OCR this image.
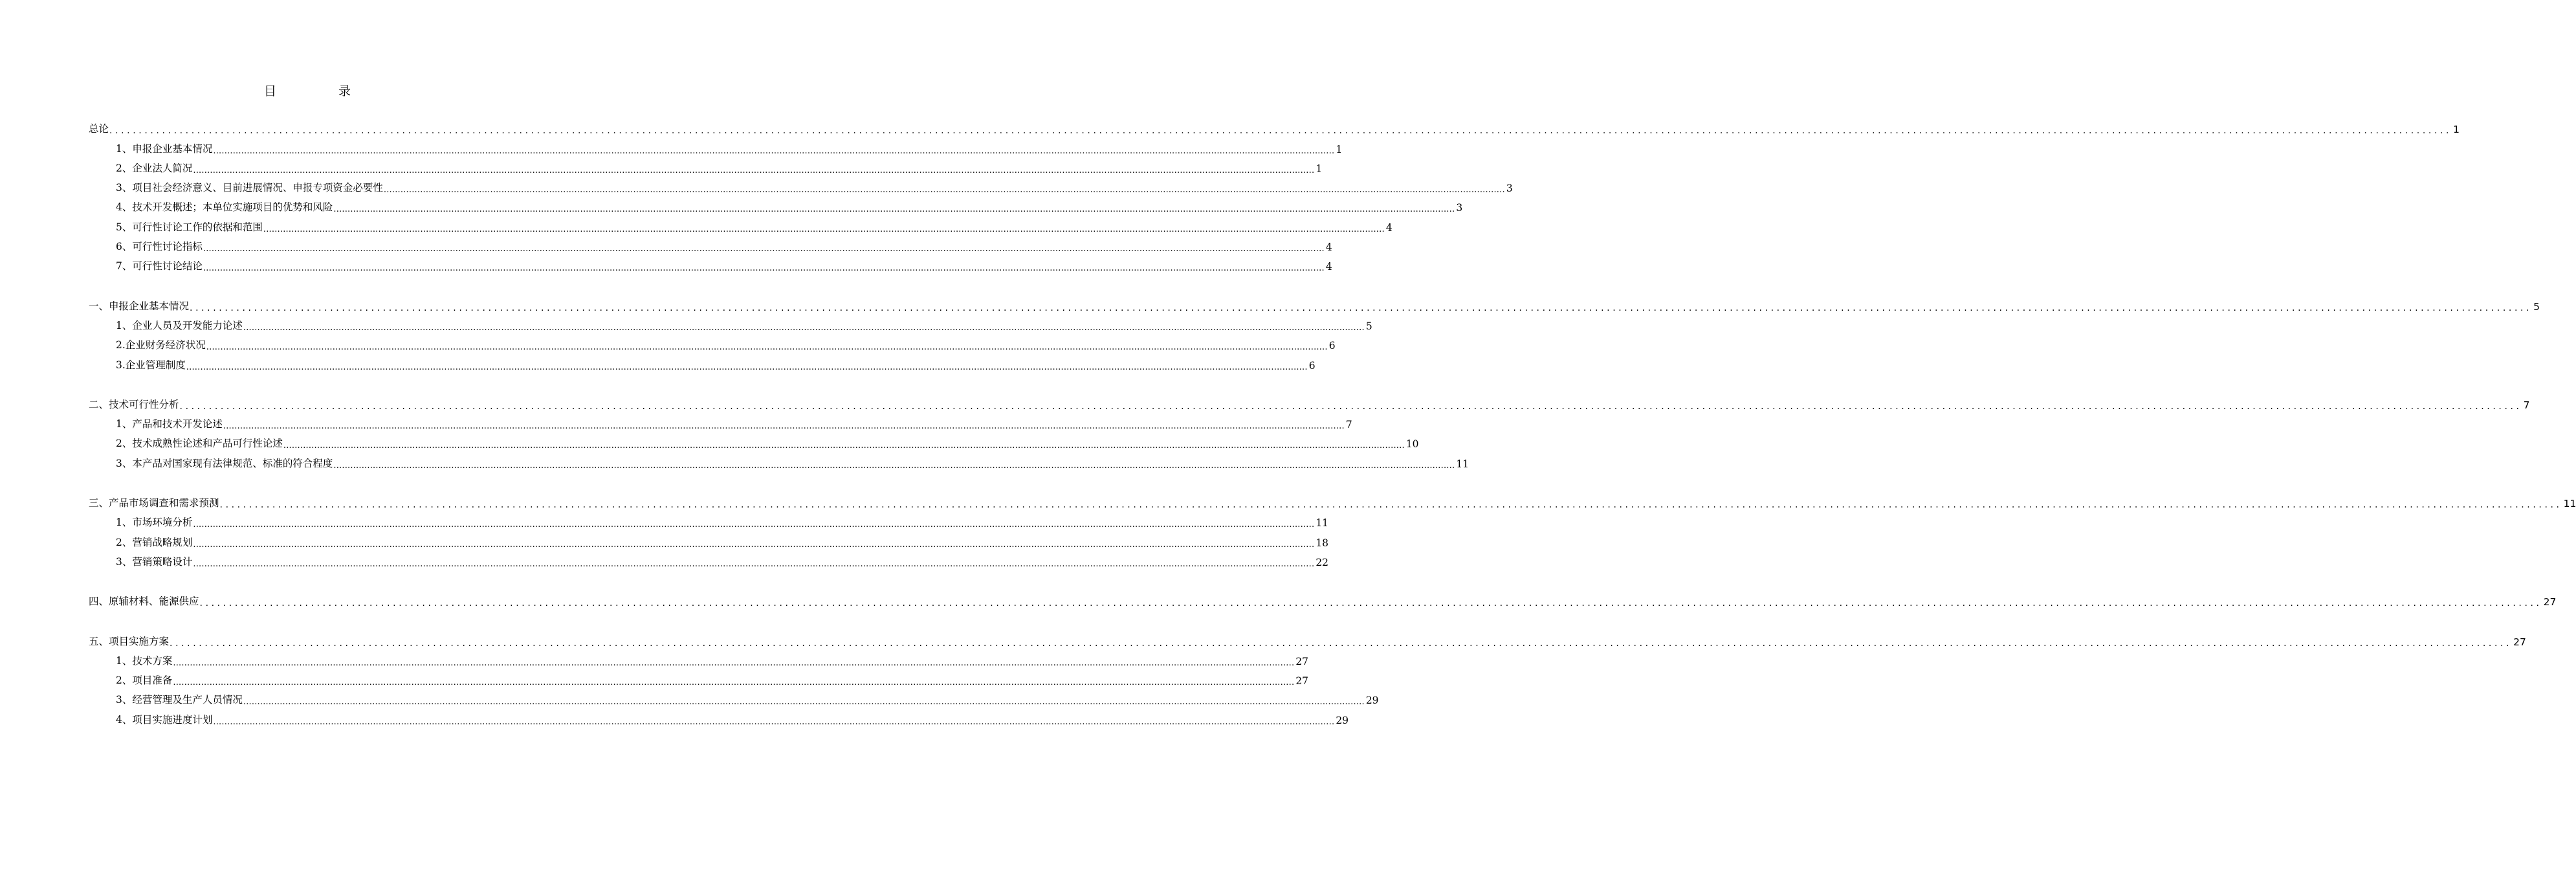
目	录
总论 ................................................................................................................................................................................................................................................................................................................................................................................................................ 1
1、申报企业基本情况 ................................................................................................................................................................................................................................................................................................................................................................................................................ 1
2、企业法人简况 ................................................................................................................................................................................................................................................................................................................................................................................................................ 1
3、项目社会经济意义、目前进展情况、申报专项资金必要性 ................................................................................................................................................................................................................................................................................................................................................................................................................ 3
4、技术开发概述；本单位实施项目的优势和风险 ................................................................................................................................................................................................................................................................................................................................................................................................................ 3
5、可行性讨论工作的依据和范围 ................................................................................................................................................................................................................................................................................................................................................................................................................ 4
6、可行性讨论指标 ................................................................................................................................................................................................................................................................................................................................................................................................................ 4
7、可行性讨论结论 ................................................................................................................................................................................................................................................................................................................................................................................................................ 4
一、申报企业基本情况 ................................................................................................................................................................................................................................................................................................................................................................................................................ 5
1、企业人员及开发能力论述 ................................................................................................................................................................................................................................................................................................................................................................................................................ 5
2.企业财务经济状况 ................................................................................................................................................................................................................................................................................................................................................................................................................ 6
3.企业管理制度 ................................................................................................................................................................................................................................................................................................................................................................................................................ 6
二、技术可行性分析 ................................................................................................................................................................................................................................................................................................................................................................................................................ 7
1、产品和技术开发论述 ................................................................................................................................................................................................................................................................................................................................................................................................................ 7
2、技术成熟性论述和产品可行性论述 ................................................................................................................................................................................................................................................................................................................................................................................................................ 10
3、本产品对国家现有法律规范、标准的符合程度 ................................................................................................................................................................................................................................................................................................................................................................................................................ 11
三、产品市场调查和需求预测 ................................................................................................................................................................................................................................................................................................................................................................................................................ 11
1、市场环境分析 ................................................................................................................................................................................................................................................................................................................................................................................................................ 11
2、营销战略规划 ................................................................................................................................................................................................................................................................................................................................................................................................................ 18
3、营销策略设计 ................................................................................................................................................................................................................................................................................................................................................................................................................ 22
四、原辅材料、能源供应 ................................................................................................................................................................................................................................................................................................................................................................................................................ 27
五、项目实施方案 ................................................................................................................................................................................................................................................................................................................................................................................................................ 27
1、技术方案 ................................................................................................................................................................................................................................................................................................................................................................................................................ 27
2、项目准备 ................................................................................................................................................................................................................................................................................................................................................................................................................ 27
3、经营管理及生产人员情况 ................................................................................................................................................................................................................................................................................................................................................................................................................ 29
4、项目实施进度计划 ................................................................................................................................................................................................................................................................................................................................................................................................................ 29
